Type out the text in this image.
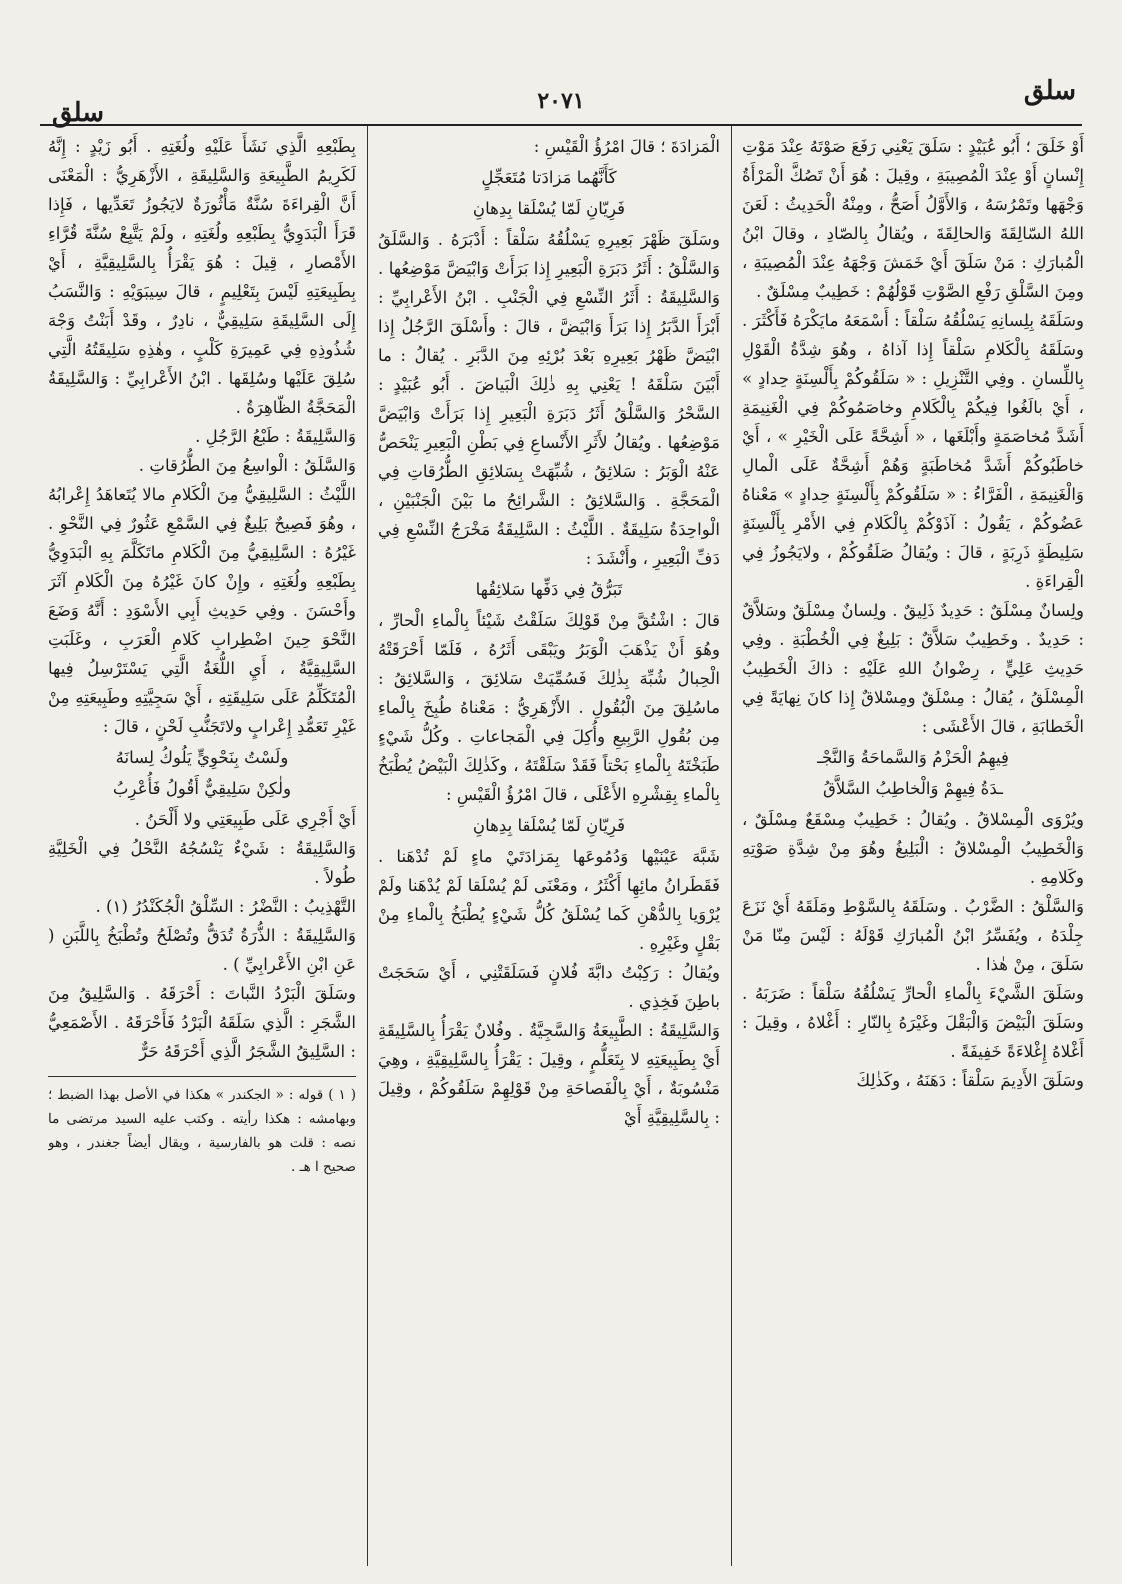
سلق
٢٠٧١
سلق

أَوْ خَلَقَ ؛ أَبُو عُبَيْدٍ : سَلَقَ يَعْنِي رَفَعَ صَوْتَهُ عِنْدَ مَوْتِ إِنْسانٍ أَوْ عِنْدَ الْمُصِيبَةِ ، وقِيلَ : هُوَ أَنْ تَصُكَّ الْمَرْأَةُ وَجْهَها وتَمْرُسَهُ ، وَالأَوَّلُ أَصَحُّ ، ومِنْهُ الْحَدِيثُ : لَعَنَ اللهُ السّالِقَةَ وَالحالِقَةَ ، ويُقالُ بِالصّادِ ، وقالَ ابْنُ الْمُبارَكِ : مَنْ سَلَقَ أَيْ خَمَشَ وَجْهَهُ عِنْدَ الْمُصِيبَةِ ، ومِنَ السَّلْقِ رَفْعِ الصَّوْتِ قَوْلُهُمْ : خَطِيبٌ مِسْلَقٌ .

وسَلَقَهُ بِلِسانِهِ يَسْلُقُهُ سَلْقاً : أَسْمَعَهُ مايَكْرَهُ فَأَكْثَرَ . وسَلَقَهُ بِالْكَلامِ سَلْقاً إِذا آذاهُ ، وهُوَ شِدَّةُ الْقَوْلِ بِاللِّسانِ . وفِي التَّنْزِيلِ : « سَلَقُوكُمْ بِأَلْسِنَةٍ حِدادٍ » ، أَيْ بالَغُوا فِيكُمْ بِالْكَلامِ وخاصَمُوكُمْ فِي الْغَنِيمَةِ أَشَدَّ مُخاصَمَةٍ وأَبْلَغَها ، « أَشِحَّةً عَلَى الْخَيْرِ » ، أَيْ خاطَبُوكُمْ أَشَدَّ مُخاطَبَةٍ وَهُمْ أَشِحَّةٌ عَلَى الْمالِ وَالْغَنِيمَةِ ، الْفَرَّاءُ : « سَلَقُوكُمْ بِأَلْسِنَةٍ حِدادٍ » مَعْناهُ عَضُوكُمْ ، يَقُولُ : آذَوْكُمْ بِالْكَلامِ فِي الأَمْرِ بِأَلْسِنَةٍ سَلِيطَةٍ ذَرِبَةٍ ، قالَ : ويُقالُ صَلَقُوكُمْ ، ولايَجُوزُ فِي الْقِراءَةِ .

ولِسانٌ مِسْلَقٌ : حَدِيدٌ ذَلِيقٌ . ولِسانٌ مِسْلَقٌ وسَلاَّقٌ : حَدِيدٌ . وخَطِيبٌ سَلاَّقٌ : بَلِيغٌ فِي الْخُطْبَةِ . وفِي حَدِيثِ عَلِيٍّ ، رِضْوانُ اللهِ عَلَيْهِ : ذاكَ الْخَطِيبُ الْمِسْلَقُ ، يُقالُ : مِسْلَقٌ ومِسْلاقٌ إِذا كانَ نِهايَةً فِي الْخَطابَةِ ، قالَ الأَعْشَى :

فِيهِمُ الْحَزْمُ وَالسَّماحَةُ وَالنَّجْـ
ـدَةُ فِيهِمْ وَالْخاطِبُ السَّلاَّقُ

ويُرْوَى الْمِسْلاقُ . ويُقالُ : خَطِيبٌ مِسْقَعٌ مِسْلَقٌ ، وَالْخَطِيبُ الْمِسْلاقُ : الْبَلِيغُ وهُوَ مِنْ شِدَّةِ صَوْتِهِ وكَلامِهِ .

وَالسَّلْقُ : الضَّرْبُ . وسَلَقَهُ بِالسَّوْطِ ومَلَقَهُ أَيْ نَزَعَ جِلْدَهُ ، ويُفَسِّرُ ابْنُ الْمُبارَكِ قَوْلَهُ : لَيْسَ مِنّا مَنْ سَلَقَ ، مِنْ هٰذا .

وسَلَقَ الشَّيْءَ بِالْماءِ الْحارِّ يَسْلُقُهُ سَلْقاً : ضَرَبَهُ . وسَلَقَ الْبَيْضَ وَالْبَقْلَ وغَيْرَهُ بِالنّارِ : أَغْلاهُ ، وقِيلَ : أَغْلاهُ إِغْلاءَةً خَفِيفَةً .

وسَلَقَ الأَدِيمَ سَلْقاً : دَهَنَهُ ، وكَذٰلِكَ

الْمَزادَةَ ؛ قالَ امْرُؤُ الْقَيْسِ :

كَأَنَّهُما مَزادَتا مُتَعَجِّلٍ
فَرِيّانِ لَمّا يُسْلَقا بِدِهانِ

وسَلَقَ ظَهْرَ بَعِيرِهِ يَسْلُقُهُ سَلْقاً : أَدْبَرَهُ . وَالسَّلَقُ وَالسَّلْقُ : أَثَرُ دَبَرَةِ الْبَعِيرِ إِذا بَرَأَتْ وَابْيَضَّ مَوْضِعُها . وَالسَّلِيقَةُ : أَثَرُ النِّسْعِ فِي الْجَنْبِ . ابْنُ الأَعْرابِيِّ : أَبْرَأَ الدَّبَرُ إِذا بَرَأَ وَابْيَضَّ ، قالَ : وأَسْلَقَ الرَّجُلُ إِذا ابْيَضَّ ظَهْرُ بَعِيرِهِ بَعْدَ بُرْئِهِ مِنَ الدَّبَرِ . يُقالُ : ما أَبْيَنَ سَلْقَهُ ! يَعْنِي بِهِ ذٰلِكَ الْبَياضَ . أَبُو عُبَيْدٍ : السَّحْرُ وَالسَّلْقُ أَثَرُ دَبَرَةِ الْبَعِيرِ إِذا بَرَأَتْ وَابْيَضَّ مَوْضِعُها . ويُقالُ لأَثَرِ الأَنْساعِ فِي بَطْنِ الْبَعِيرِ يَنْحَصُّ عَنْهُ الْوَبَرُ : سَلائِقُ ، شُبِّهَتْ بِسَلائِقِ الطُّرُقاتِ فِي الْمَحَجَّةِ . وَالسَّلائِقُ : الشَّرائِحُ ما بَيْنَ الْجَنْبَيْنِ ، الْواحِدَةُ سَلِيقَةٌ . اللَّيْثُ : السَّلِيقَةُ مَخْرَجُ النِّسْعِ فِي دَفِّ الْبَعِيرِ ، وأَنْشَدَ :

تَبَرُّقُ فِي دَفِّها سَلائِقُها

قالَ : اشْتُقَّ مِنْ قَوْلِكَ سَلَقْتُ شَيْئاً بِالْماءِ الْحارِّ ، وهُوَ أَنْ يَذْهَبَ الْوَبَرُ ويَبْقَى أَثَرُهُ ، فَلَمّا أَحْرَقَتْهُ الْحِبالُ شُبِّهَ بِذٰلِكَ فَسُمِّيَتْ سَلائِقَ ، وَالسَّلائِقُ : ماسُلِقَ مِنَ الْبُقُولِ . الأَزْهَرِيُّ : مَعْناهُ طُبِخَ بِالْماءِ مِن بُقُولِ الرَّبِيعِ وأُكِلَ فِي الْمَجاعاتِ . وكُلُّ شَيْءٍ طَبَخْتَهُ بِالْماءِ بَحْتاً فَقَدْ سَلَقْتَهُ ، وكَذٰلِكَ الْبَيْضُ يُطْبَخُ بِالْماءِ بِقِشْرِهِ الأَعْلَى ، قالَ امْرُؤُ الْقَيْسِ :

فَرِيّانِ لَمّا يُسْلَقا بِدِهانِ

شَبَّهَ عَيْنَيْها وَدُمُوعَها بِمَزادَتَيْ ماءٍ لَمْ تُدْهَنا . فَقَطَرانُ مائِهِا أَكْثَرُ ، ومَعْنَى لَمْ يُسْلَقا لَمْ يُدْهَنا ولَمْ يُرْوَيا بِالدُّهْنِ كَما يُسْلَقُ كُلُّ شَيْءٍ يُطْبَخُ بِالْماءِ مِنْ بَقْلٍ وغَيْرِهِ .

ويُقالُ : رَكِبْتُ دابَّةَ فُلانٍ فَسَلَقَتْنِي ، أَيْ سَحَجَتْ باطِنَ فَخِذِي .

وَالسَّلِيقَةُ : الطَّبِيعَةُ وَالسَّجِيَّةُ . وفُلانٌ يَقْرَأُ بِالسَّلِيقَةِ أَيْ بِطَبِيعَتِهِ لا بِتَعَلُّمٍ ، وقِيلَ : يَقْرَأُ بِالسَّلِيقِيَّةِ ، وهِيَ مَنْسُوبَةٌ ، أَيْ بِالْفَصاحَةِ مِنْ قَوْلِهِمْ سَلَقُوكُمْ ، وقِيلَ : بِالسَّلِيقِيَّةِ أَيْ

بِطَبْعِهِ الَّذِي نَشَأَ عَلَيْهِ ولُغَتِهِ . أَبُو زَيْدٍ : إِنَّهُ لَكَرِيمُ الطَّبِيعَةِ وَالسَّلِيقَةِ ، الأَزْهَرِيُّ : الْمَعْنَى أَنَّ الْقِراءَةَ سُنَّةٌ مَأْثُورَةٌ لايَجُوزُ تَعَدِّيها ، فَإِذا قَرَأَ الْبَدَوِيُّ بِطَبْعِهِ ولُغَتِهِ ، ولَمْ يَتَّبِعْ سُنَّةَ قُرَّاءِ الأَمْصارِ ، قِيلَ : هُوَ يَقْرَأُ بِالسَّلِيقِيَّةِ ، أَيْ بِطَبِيعَتِهِ لَيْسَ بِتَعْلِيمٍ ، قالَ سِيبَوَيْهِ : وَالنَّسَبُ إِلَى السَّلِيقَةِ سَلِيقِيٌّ ، نادِرٌ ، وقَدْ أَبَنْتُ وَجْهَ شُذُوذِهِ فِي عَمِيرَةِ كَلْبٍ ، وهٰذِهِ سَلِيقَتُهُ الَّتِي سُلِقَ عَلَيْها وسُلِقَها . ابْنُ الأَعْرابِيِّ : وَالسَّلِيقَةُ الْمَحَجَّةُ الظّاهِرَةُ .

وَالسَّلِيقَةُ : طَبْعُ الرَّجُلِ .

وَالسَّلَقُ : الْواسِعُ مِنَ الطُّرُقاتِ .

اللَّيْثُ : السَّلِيقِيُّ مِنَ الْكَلامِ مالا يُتَعاهَدُ إِعْرابُهُ ، وهُوَ فَصِيحٌ بَلِيغٌ فِي السَّمْعِ عَثُورٌ فِي النَّحْوِ . غَيْرُهُ : السَّلِيقِيُّ مِنَ الْكَلامِ ماتَكَلَّمَ بِهِ الْبَدَوِيُّ بِطَبْعِهِ ولُغَتِهِ ، وإِنْ كانَ غَيْرُهُ مِنَ الْكَلامِ آثَرَ وأَحْسَنَ . وفِي حَدِيثِ أَبِي الأَسْوَدِ : أَنَّهُ وَضَعَ النَّحْوَ حِينَ اضْطِرابِ كَلامِ الْعَرَبِ ، وغَلَبَتِ السَّلِيقِيَّةُ ، أَيِ اللُّغَةُ الَّتِي يَسْتَرْسِلُ فِيها الْمُتَكَلِّمُ عَلَى سَلِيقَتِهِ ، أَيْ سَجِيَّتِهِ وطَبِيعَتِهِ مِنْ غَيْرِ تَعَمُّدِ إِعْرابٍ ولاتَجَنُّبِ لَحْنٍ ، قالَ :

ولَسْتُ بِنَحْوِيٍّ يَلُوكُ لِسانَهُ
ولٰكِنْ سَلِيقِيٌّ أَقُولُ فَأُعْرِبُ

أَيْ أَجْرِي عَلَى طَبِيعَتِي ولا أَلْحَنُ .

وَالسَّلِيقَةُ : شَيْءٌ يَنْسُجُهُ النَّحْلُ فِي الْخَلِيَّةِ طُولاً .

التَّهْذِيبُ : النَّضْرُ : السِّلْقُ الْجُكَنْدُرُ (١) .

وَالسَّلِيقَةُ : الذُّرَةُ تُدَقُّ وتُصْلَحُ وتُطْبَخُ بِاللَّبَنِ ( عَنِ ابْنِ الأَعْرابِيِّ ) .

وسَلَقَ الْبَرْدُ النَّباتَ : أَحْرَقَهُ . وَالسَّلِيقُ مِنَ الشَّجَرِ : الَّذِي سَلَقَهُ الْبَرْدُ فَأَحْرَقَهُ . الأَصْمَعِيُّ : السَّلِيقُ الشَّجَرُ الَّذِي أَحْرَقَهُ حَرٌّ

( ١ ) قوله : « الجكندر » هكذا في الأصل بهذا الضبط ؛ وبهامشه : هكذا رأيته . وكتب عليه السيد مرتضى ما نصه : قلت هو بالفارسية ، ويقال أيضاً جغندر ، وهو صحيح ا هـ .
